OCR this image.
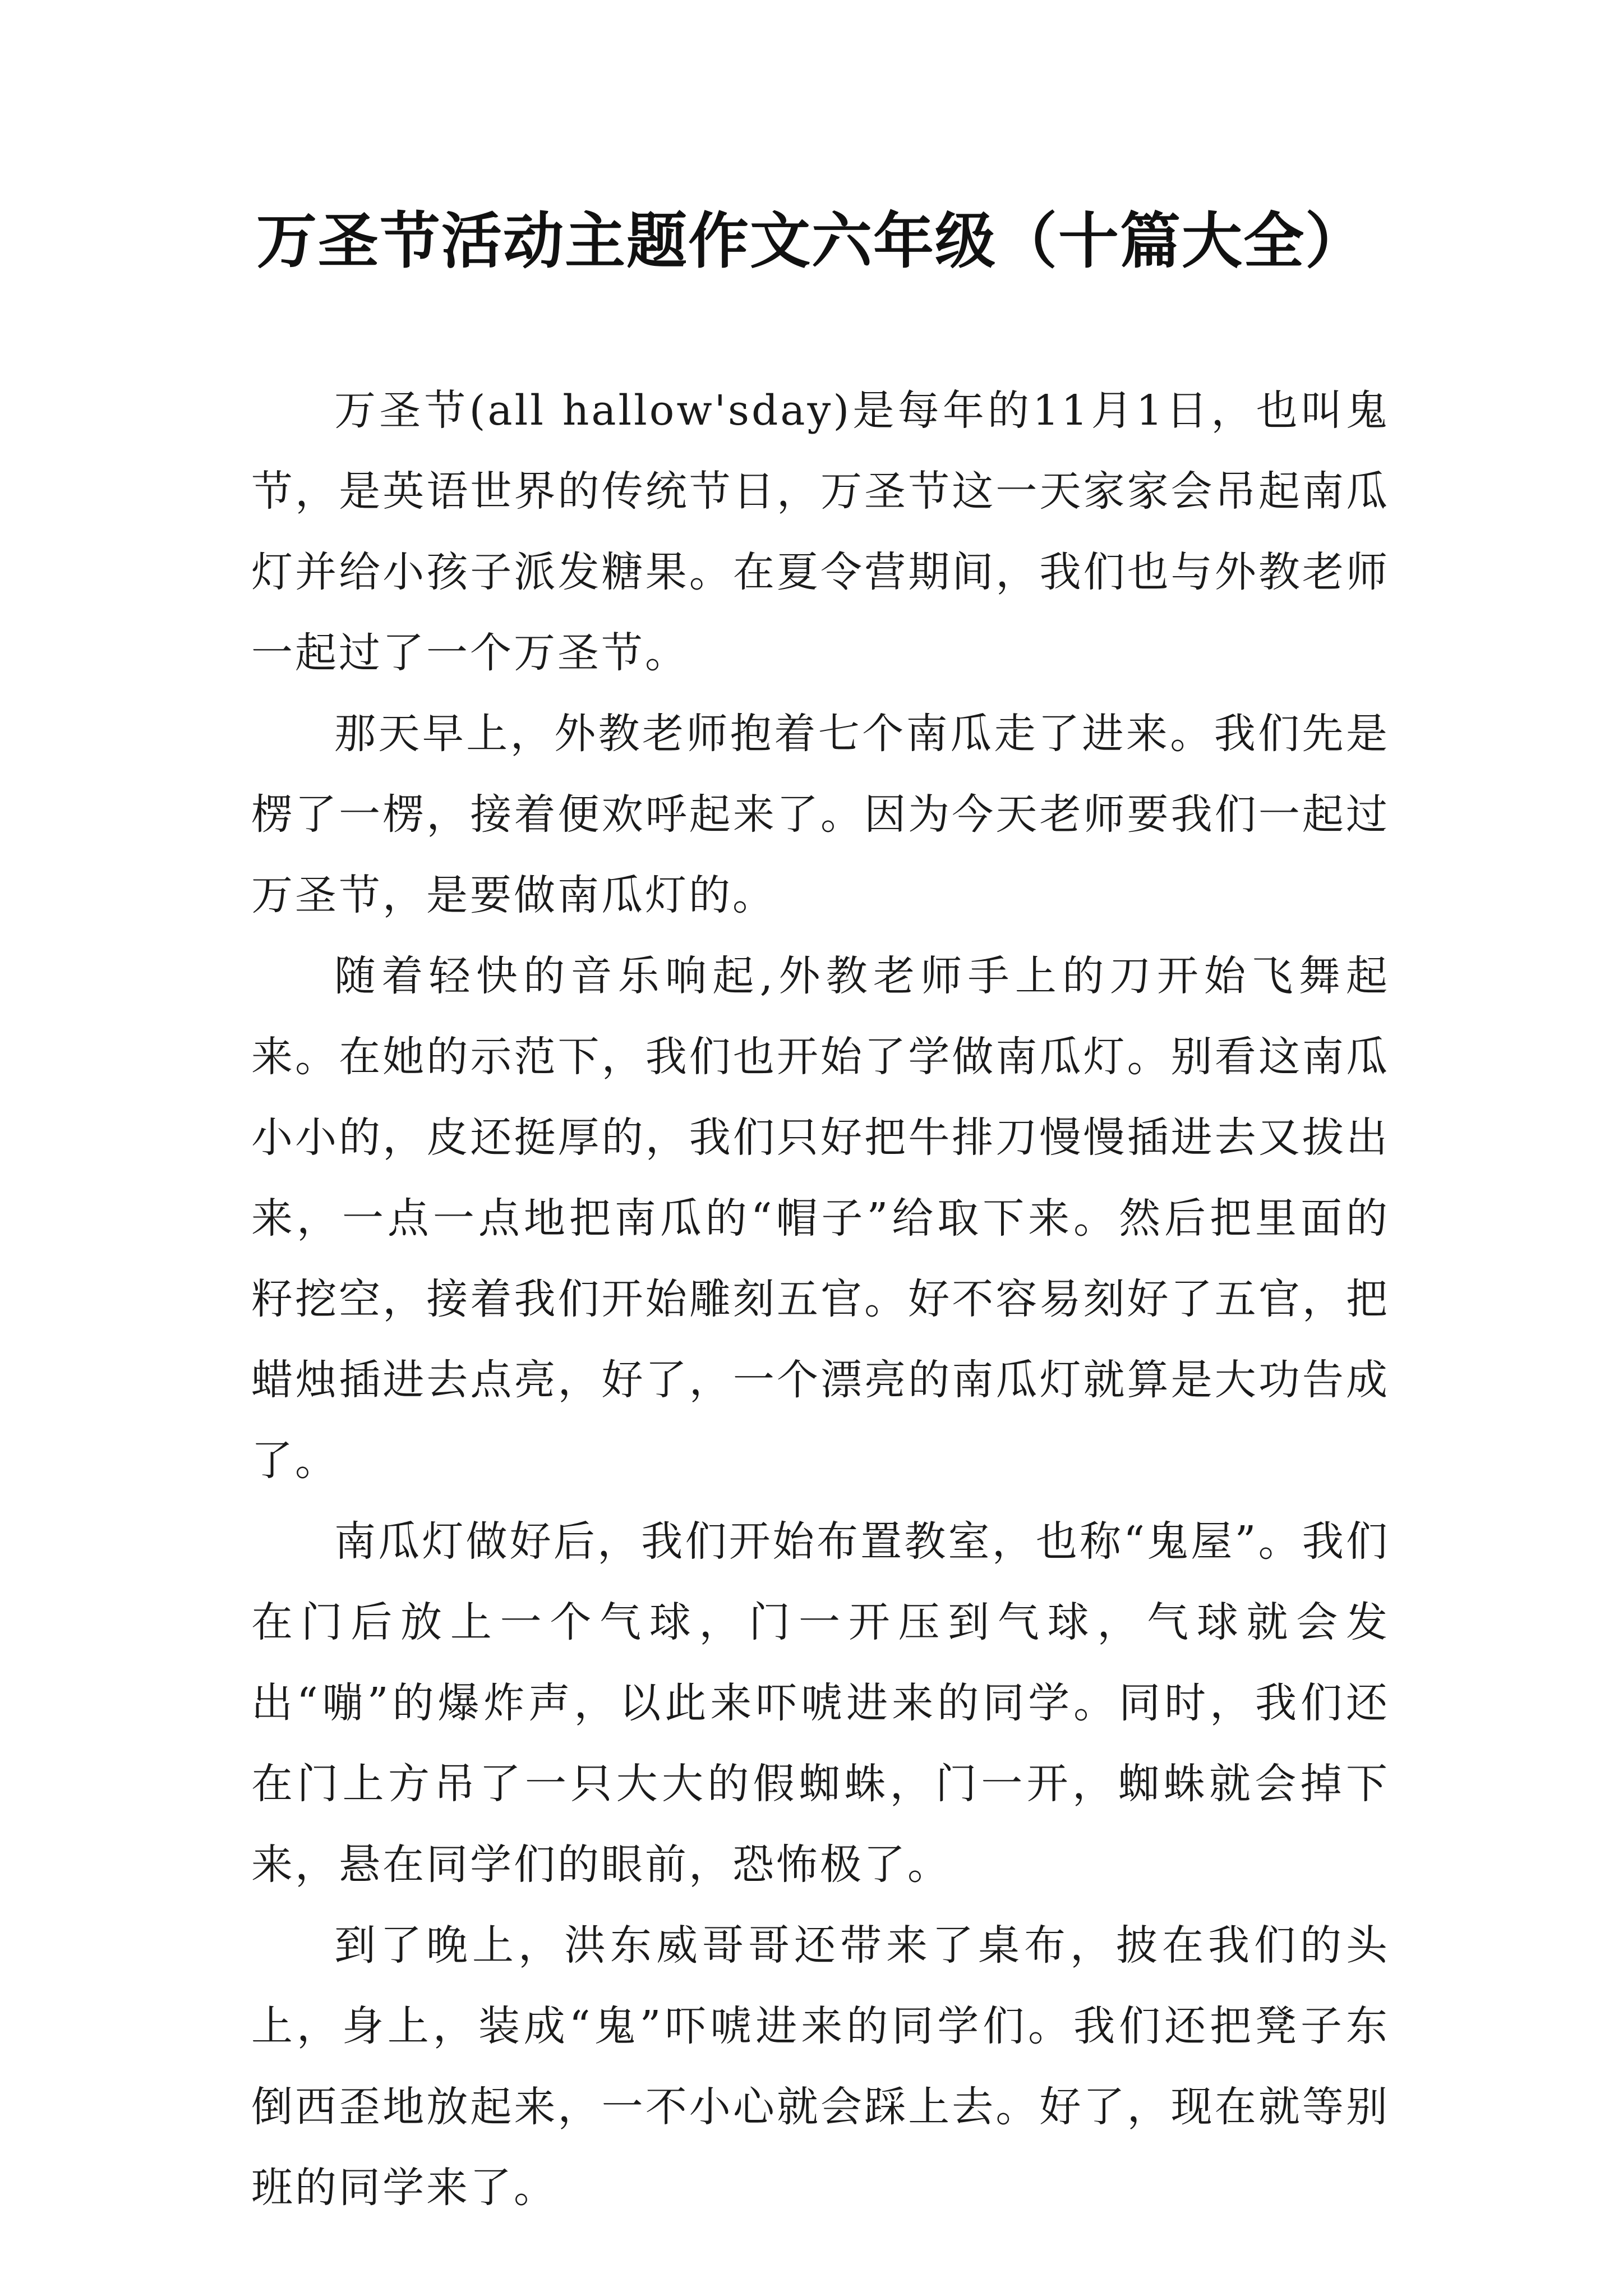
万圣节活动主题作文六年级（十篇大全）

万圣节(all hallow'sday)是每年的11月1日，也叫鬼节，是英语世界的传统节日，万圣节这一天家家会吊起南瓜灯并给小孩子派发糖果。在夏令营期间，我们也与外教老师一起过了一个万圣节。

那天早上，外教老师抱着七个南瓜走了进来。我们先是楞了一楞，接着便欢呼起来了。因为今天老师要我们一起过万圣节，是要做南瓜灯的。

随着轻快的音乐响起,外教老师手上的刀开始飞舞起来。在她的示范下，我们也开始了学做南瓜灯。别看这南瓜小小的，皮还挺厚的，我们只好把牛排刀慢慢插进去又拔出来，一点一点地把南瓜的“帽子”给取下来。然后把里面的籽挖空，接着我们开始雕刻五官。好不容易刻好了五官，把蜡烛插进去点亮，好了，一个漂亮的南瓜灯就算是大功告成了。

南瓜灯做好后，我们开始布置教室，也称“鬼屋”。我们在门后放上一个气球，门一开压到气球，气球就会发出“嘣”的爆炸声，以此来吓唬进来的同学。同时，我们还在门上方吊了一只大大的假蜘蛛，门一开，蜘蛛就会掉下来，悬在同学们的眼前，恐怖极了。

到了晚上，洪东威哥哥还带来了桌布，披在我们的头上，身上，装成“鬼”吓唬进来的同学们。我们还把凳子东倒西歪地放起来，一不小心就会踩上去。好了，现在就等别班的同学来了。
